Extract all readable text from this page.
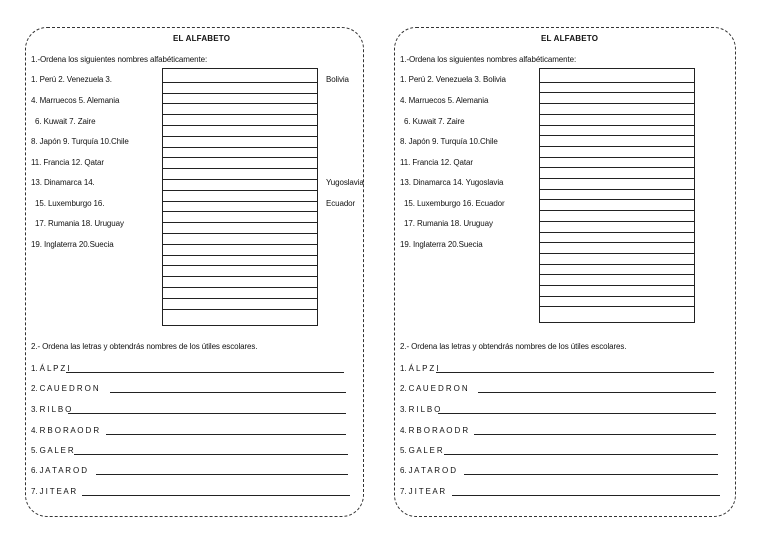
EL ALFABETO
1.-Ordena los siguientes nombres alfabéticamente:
1. Perú 2. Venezuela 3.
4. Marruecos 5. Alemania
6. Kuwait 7. Zaire
8. Japón 9. Turquía 10.Chile
11. Francia 12. Qatar
13. Dinamarca 14.
15. Luxemburgo 16.
17. Rumania 18. Uruguay
19. Inglaterra 20.Suecia
Bolivia
Yugoslavia
Ecuador
2.- Ordena las letras y obtendrás nombres de los útiles escolares.
1. Á L P Z I
2. C A U E D R O N
3. R I L B O
4. R B O R A O D R
5. G A L E R
6. J A T A R O D
7. J I T E A R
EL ALFABETO
1.-Ordena los siguientes nombres alfabéticamente:
1. Perú 2. Venezuela 3. Bolivia
4. Marruecos 5. Alemania
6. Kuwait 7. Zaire
8. Japón 9. Turquía 10.Chile
11. Francia 12. Qatar
13. Dinamarca 14. Yugoslavia
15. Luxemburgo 16. Ecuador
17. Rumania 18. Uruguay
19. Inglaterra 20.Suecia
2.- Ordena las letras y obtendrás nombres de los útiles escolares.
1. Á L P Z I
2. C A U E D R O N
3. R I L B O
4. R B O R A O D R
5. G A L E R
6. J A T A R O D
7. J I T E A R
